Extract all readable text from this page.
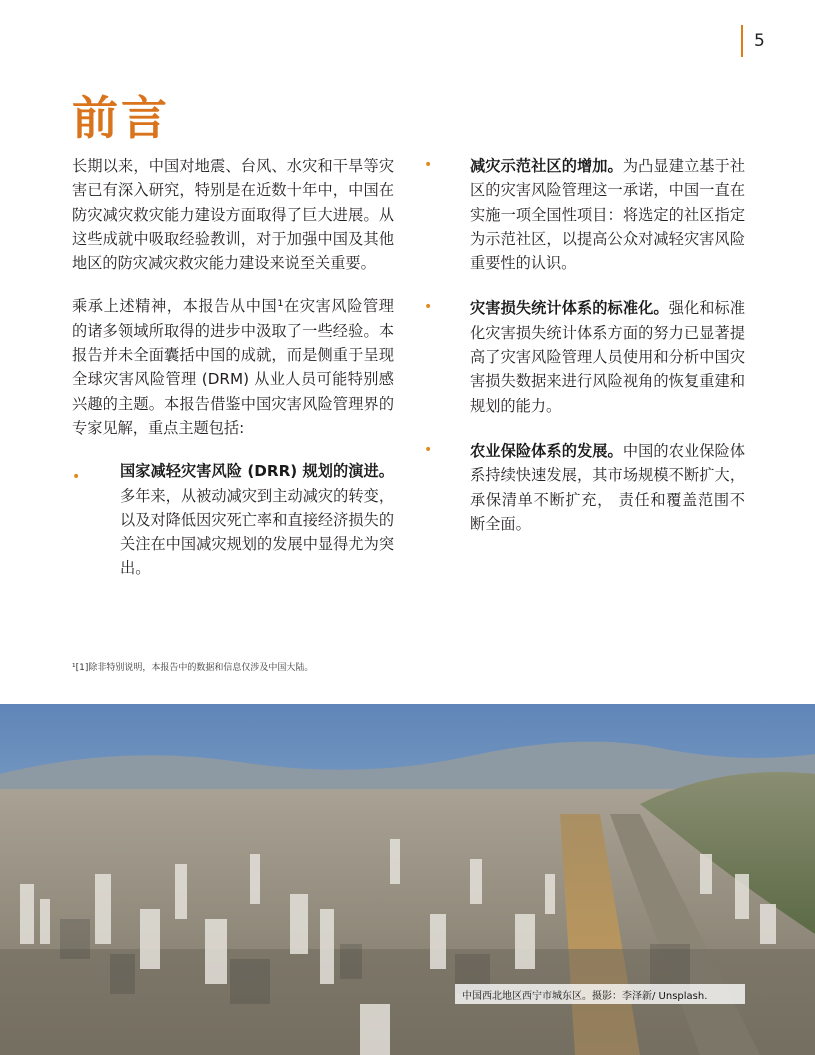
5
前言

长期以来，中国对地震、台风、水灾和干旱等灾害已有深入研究，特别是在近数十年中，中国在防灾减灾救灾能力建设方面取得了巨大进展。从这些成就中吸取经验教训，对于加强中国及其他地区的防灾减灾救灾能力建设来说至关重要。

乘承上述精神，本报告从中国¹在灾害风险管理的诸多领域所取得的进步中汲取了一些经验。本报告并未全面囊括中国的成就，而是侧重于呈现全球灾害风险管理 (DRM) 从业人员可能特别感兴趣的主题。本报告借鉴中国灾害风险管理界的专家见解，重点主题包括:

•	国家减轻灾害风险 (DRR) 规划的演进。多年来，从被动减灾到主动减灾的转变，以及对降低因灾死亡率和直接经济损失的关注在中国减灾规划的发展中显得尤为突出。
• 减灾示范社区的增加。为凸显建立基于社区的灾害风险管理这一承诺，中国一直在实施一项全国性项目：将选定的社区指定为示范社区，以提高公众对减轻灾害风险重要性的认识。
• 灾害损失统计体系的标准化。强化和标准化灾害损失统计体系方面的努力已显著提高了灾害风险管理人员使用和分析中国灾害损失数据来进行风险视角的恢复重建和规划的能力。
• 农业保险体系的发展。中国的农业保险体系持续快速发展，其市场规模不断扩大，承保清单不断扩充， 责任和覆盖范围不断全面。
¹[1]除非特别说明，本报告中的数据和信息仅涉及中国大陆。
中国西北地区西宁市城东区。摄影：李泽新/ Unsplash.
